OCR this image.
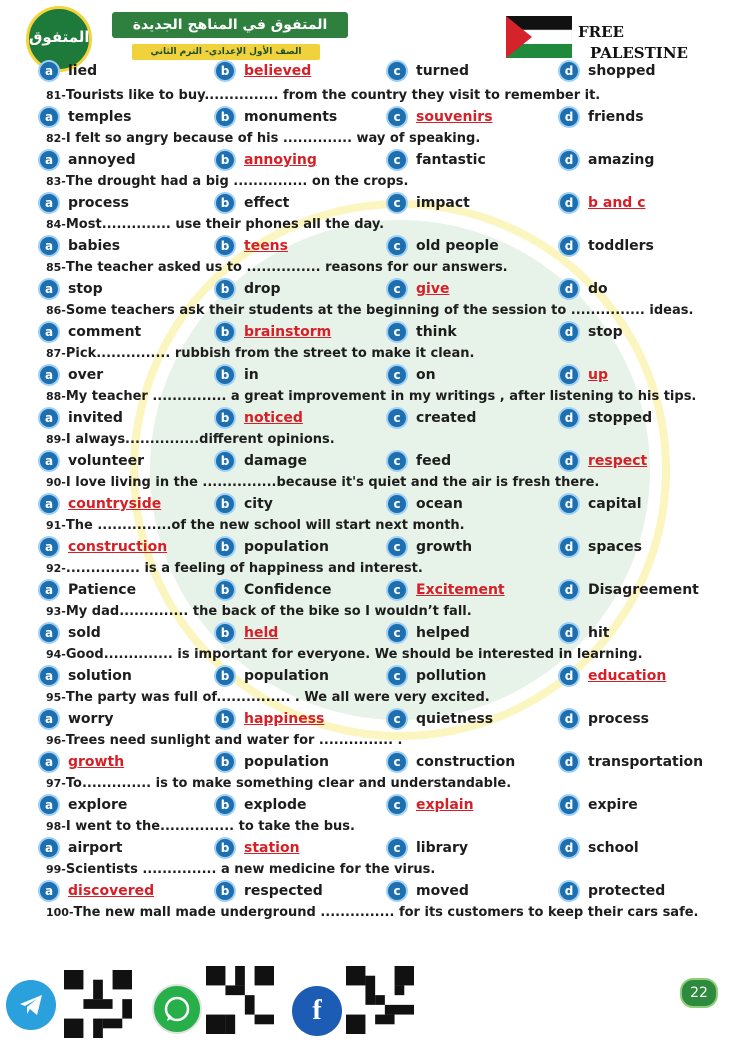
المتفوق
المتفوق في المناهج الجديدة
الصف الأول الإعدادي- الترم الثاني
FREE
PALESTINE
a	lied	b	believed	c	turned	d	shopped
81-Tourists like to buy............... from the country they visit to remember it.
a	temples	b	monuments	c	souvenirs	d	friends
82-I felt so angry because of his .............. way of speaking.
a	annoyed	b	annoying	c	fantastic	d	amazing
83-The drought had a big ............... on the crops.
a	process	b	effect	c	impact	d	b and c
84-Most.............. use their phones all the day.
a	babies	b	teens	c	old people	d	toddlers
85-The teacher asked us to ............... reasons for our answers.
a	stop	b	drop	c	give	d	do
86-Some teachers ask their students at the beginning of the session to ............... ideas.
a	comment	b	brainstorm	c	think	d	stop
87-Pick............... rubbish from the street to make it clean.
a	over	b	in	c	on	d	up
88-My teacher ............... a great improvement in my writings , after listening to his tips.
a	invited	b	noticed	c	created	d	stopped
89-I always...............different opinions.
a	volunteer	b	damage	c	feed	d	respect
90-I love living in the ...............because it's quiet and the air is fresh there.
a	countryside	b	city	c	ocean	d	capital
91-The ...............of the new school will start next month.
a	construction	b	population	c	growth	d	spaces
92-............... is a feeling of happiness and interest.
a	Patience	b	Confidence	c	Excitement	d	Disagreement
93-My dad.............. the back of the bike so I wouldn’t fall.
a	sold	b	held	c	helped	d	hit
94-Good.............. is important for everyone. We should be interested in learning.
a	solution	b	population	c	pollution	d	education
95-The party was full of............... . We all were very excited.
a	worry	b	happiness	c	quietness	d	process
96-Trees need sunlight and water for ............... .
a	growth	b	population	c	construction	d	transportation
97-To.............. is to make something clear and understandable.
a	explore	b	explode	c	explain	d	expire
98-I went to the............... to take the bus.
a	airport	b	station	c	library	d	school
99-Scientists ............... a new medicine for the virus.
a	discovered	b	respected	c	moved	d	protected
100-The new mall made underground ............... for its customers to keep their cars safe.
f
22
